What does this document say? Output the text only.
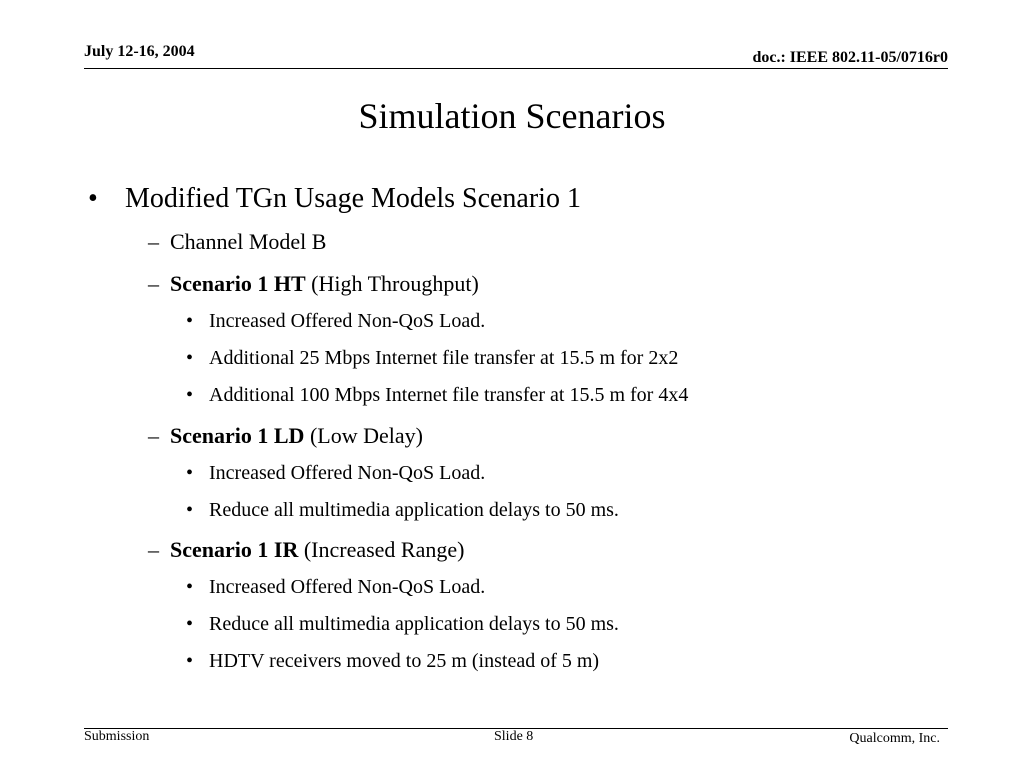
July 12-16, 2004	doc.: IEEE 802.11-05/0716r0
Simulation Scenarios
• Modified TGn Usage Models Scenario 1
– Channel Model B
– Scenario 1 HT (High Throughput)
• Increased Offered Non-QoS Load.
• Additional 25 Mbps Internet file transfer at 15.5 m for 2x2
• Additional 100 Mbps Internet file transfer at 15.5 m for 4x4
– Scenario 1 LD (Low Delay)
• Increased Offered Non-QoS Load.
• Reduce all multimedia application delays to 50 ms.
– Scenario 1 IR (Increased Range)
• Increased Offered Non-QoS Load.
• Reduce all multimedia application delays to 50 ms.
• HDTV receivers moved to 25 m (instead of 5 m)
Submission	Slide 8	Qualcomm, Inc.
